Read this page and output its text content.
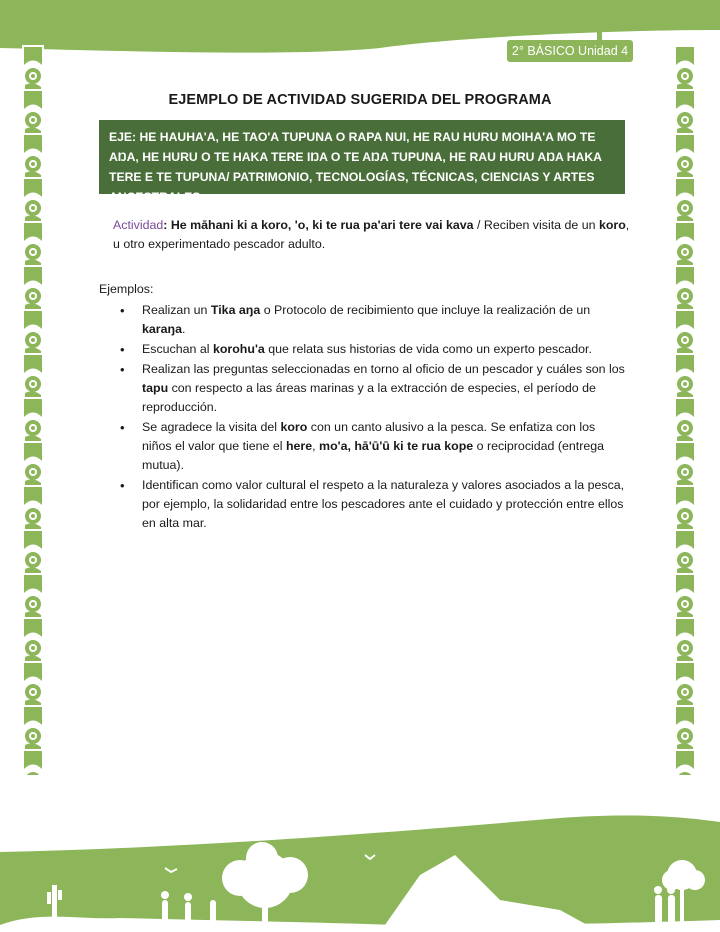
2° BÁSICO Unidad 4
EJEMPLO DE ACTIVIDAD SUGERIDA DEL PROGRAMA
EJE: HE HAUHA'A, HE TAO'A TUPUNA O RAPA NUI, HE RAU HURU MOIHA'A MO TE AŊA, HE HURU O TE HAKA TERE IŊA O TE AŊA TUPUNA, HE RAU HURU AŊA HAKA TERE E TE TUPUNA/ PATRIMONIO, TECNOLOGÍAS, TÉCNICAS, CIENCIAS Y ARTES ANCESTRALES.
Actividad: He māhani ki a koro, 'o, ki te rua pa'ari tere vai kava / Reciben visita de un koro, u otro experimentado pescador adulto.
Ejemplos:
• Realizan un Tika aŋa o Protocolo de recibimiento que incluye la realización de un karaŋa.
• Escuchan al korohu'a que relata sus historias de vida como un experto pescador.
• Realizan las preguntas seleccionadas en torno al oficio de un pescador y cuáles son los tapu con respecto a las áreas marinas y a la extracción de especies, el período de reproducción.
• Se agradece la visita del koro con un canto alusivo a la pesca. Se enfatiza con los niños el valor que tiene el here, mo'a, hā'ū'ū ki te rua kope o reciprocidad (entrega mutua).
• Identifican como valor cultural el respeto a la naturaleza y valores asociados a la pesca, por ejemplo, la solidaridad entre los pescadores ante el cuidado y protección entre ellos en alta mar.
